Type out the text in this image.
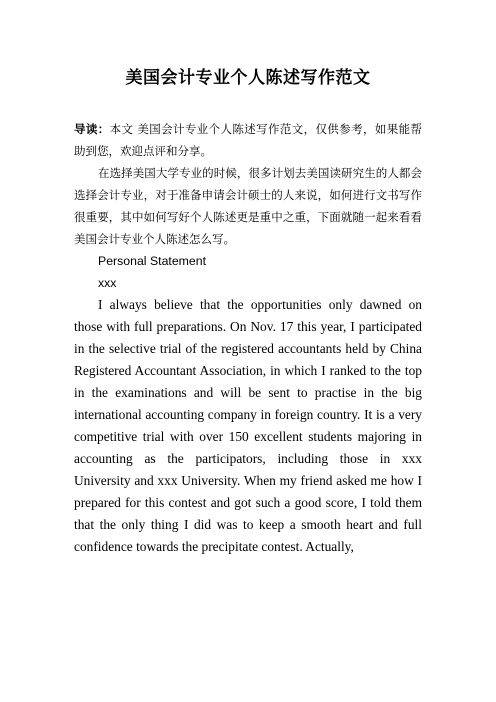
美国会计专业个人陈述写作范文

导读：本文 美国会计专业个人陈述写作范文，仅供参考，如果能帮助到您，欢迎点评和分享。

在选择美国大学专业的时候，很多计划去美国读研究生的人都会选择会计专业，对于准备申请会计硕士的人来说，如何进行文书写作很重要，其中如何写好个人陈述更是重中之重，下面就随一起来看看美国会计专业个人陈述怎么写。

Personal Statement

xxx

I always believe that the opportunities only dawned on those with full preparations. On Nov. 17 this year, I participated in the selective trial of the registered accountants held by China Registered Accountant Association, in which I ranked to the top in the examinations and will be sent to practise in the big international accounting company in foreign country. It is a very competitive trial with over 150 excellent students majoring in accounting as the participators, including those in xxx University and xxx University. When my friend asked me how I prepared for this contest and got such a good score, I told them that the only thing I did was to keep a smooth heart and full confidence towards the precipitate contest. Actually,
